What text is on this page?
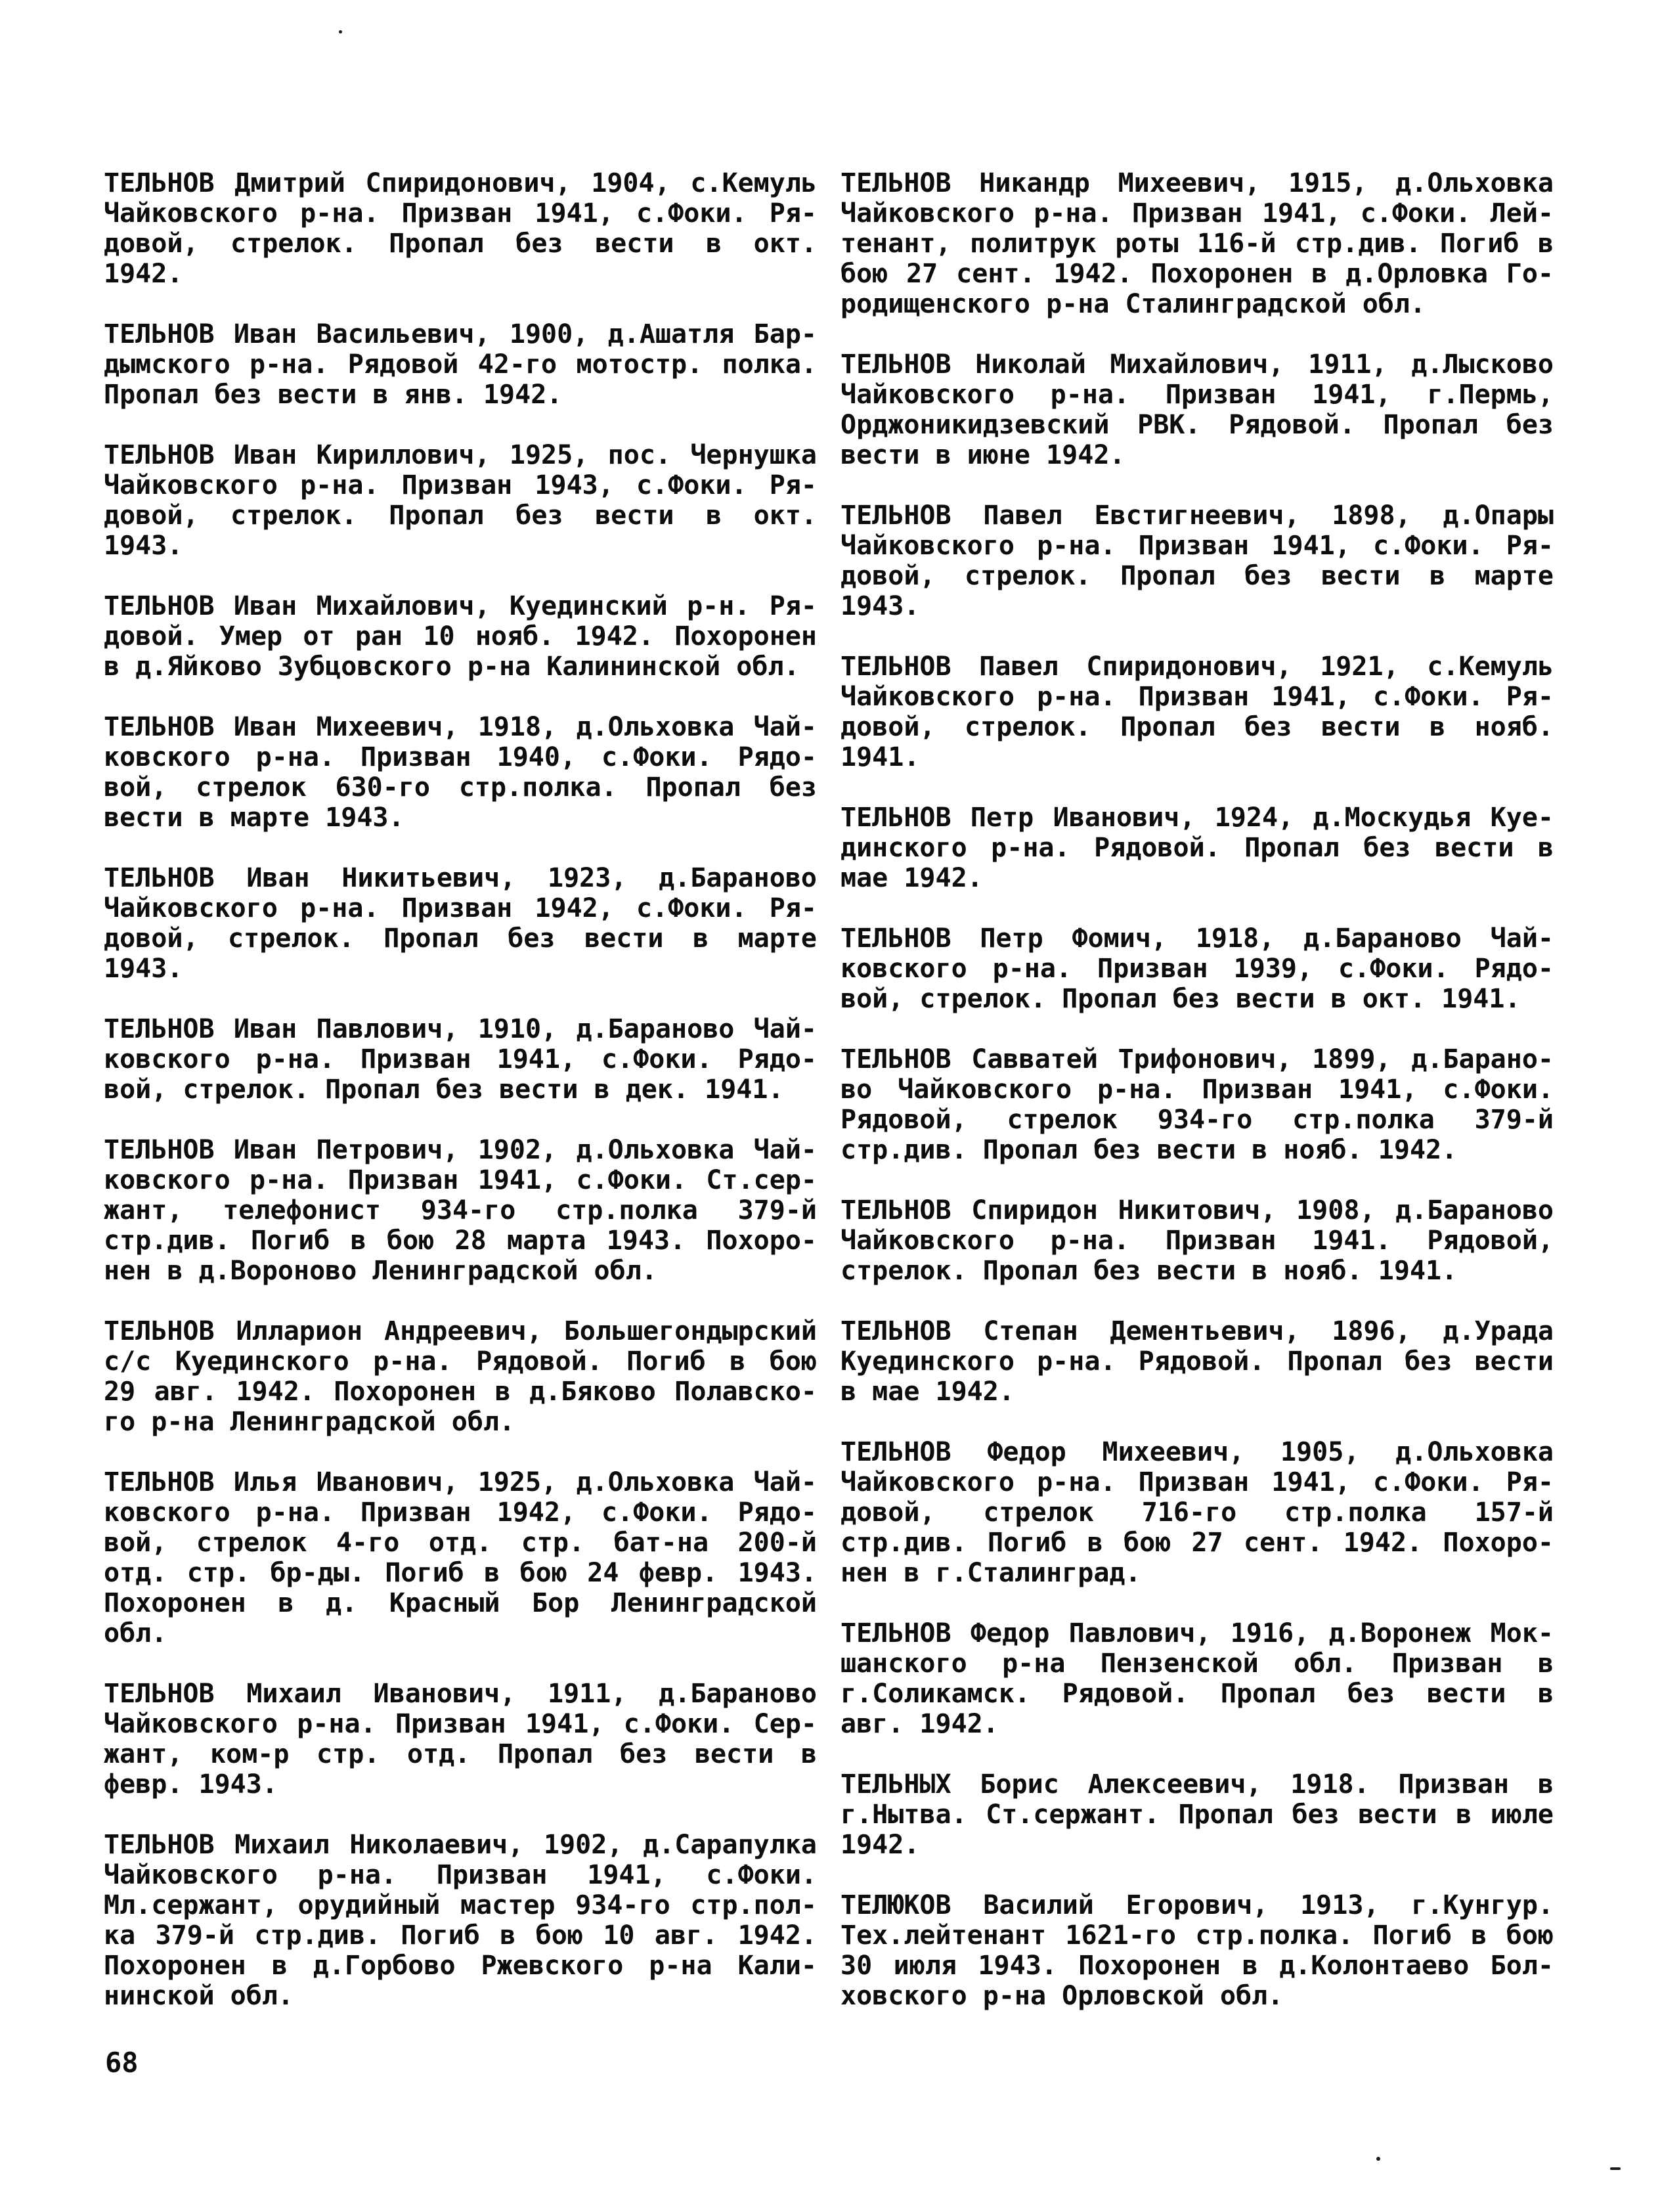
ТЕЛЬНОВ Дмитрий Спиридонович, 1904, с.Кемуль
Чайковского р-на. Призван 1941, с.Фоки. Ря-
довой, стрелок. Пропал без вести в окт.
1942.
ТЕЛЬНОВ Иван Васильевич, 1900, д.Ашатля Бар-
дымского р-на. Рядовой 42-го мотостр. полка.
Пропал без вести в янв. 1942.
ТЕЛЬНОВ Иван Кириллович, 1925, пос. Чернушка
Чайковского р-на. Призван 1943, с.Фоки. Ря-
довой, стрелок. Пропал без вести в окт.
1943.
ТЕЛЬНОВ Иван Михайлович, Куединский р-н. Ря-
довой. Умер от ран 10 нояб. 1942. Похоронен
в д.Яйково Зубцовского р-на Калининской обл.
ТЕЛЬНОВ Иван Михеевич, 1918, д.Ольховка Чай-
ковского р-на. Призван 1940, с.Фоки. Рядо-
вой, стрелок 630-го стр.полка. Пропал без
вести в марте 1943.
ТЕЛЬНОВ Иван Никитьевич, 1923, д.Бараново
Чайковского р-на. Призван 1942, с.Фоки. Ря-
довой, стрелок. Пропал без вести в марте
1943.
ТЕЛЬНОВ Иван Павлович, 1910, д.Бараново Чай-
ковского р-на. Призван 1941, с.Фоки. Рядо-
вой, стрелок. Пропал без вести в дек. 1941.
ТЕЛЬНОВ Иван Петрович, 1902, д.Ольховка Чай-
ковского р-на. Призван 1941, с.Фоки. Ст.сер-
жант, телефонист 934-го стр.полка 379-й
стр.див. Погиб в бою 28 марта 1943. Похоро-
нен в д.Вороново Ленинградской обл.
ТЕЛЬНОВ Илларион Андреевич, Большегондырский
с/с Куединского р-на. Рядовой. Погиб в бою
29 авг. 1942. Похоронен в д.Бяково Полавско-
го р-на Ленинградской обл.
ТЕЛЬНОВ Илья Иванович, 1925, д.Ольховка Чай-
ковского р-на. Призван 1942, с.Фоки. Рядо-
вой, стрелок 4-го отд. стр. бат-на 200-й
отд. стр. бр-ды. Погиб в бою 24 февр. 1943.
Похоронен в д. Красный Бор Ленинградской
обл.
ТЕЛЬНОВ Михаил Иванович, 1911, д.Бараново
Чайковского р-на. Призван 1941, с.Фоки. Сер-
жант, ком-р стр. отд. Пропал без вести в
февр. 1943.
ТЕЛЬНОВ Михаил Николаевич, 1902, д.Сарапулка
Чайковского р-на. Призван 1941, с.Фоки.
Мл.сержант, орудийный мастер 934-го стр.пол-
ка 379-й стр.див. Погиб в бою 10 авг. 1942.
Похоронен в д.Горбово Ржевского р-на Кали-
нинской обл.
ТЕЛЬНОВ Никандр Михеевич, 1915, д.Ольховка
Чайковского р-на. Призван 1941, с.Фоки. Лей-
тенант, политрук роты 116-й стр.див. Погиб в
бою 27 сент. 1942. Похоронен в д.Орловка Го-
родищенского р-на Сталинградской обл.
ТЕЛЬНОВ Николай Михайлович, 1911, д.Лысково
Чайковского р-на. Призван 1941, г.Пермь,
Орджоникидзевский РВК. Рядовой. Пропал без
вести в июне 1942.
ТЕЛЬНОВ Павел Евстигнеевич, 1898, д.Опары
Чайковского р-на. Призван 1941, с.Фоки. Ря-
довой, стрелок. Пропал без вести в марте
1943.
ТЕЛЬНОВ Павел Спиридонович, 1921, с.Кемуль
Чайковского р-на. Призван 1941, с.Фоки. Ря-
довой, стрелок. Пропал без вести в нояб.
1941.
ТЕЛЬНОВ Петр Иванович, 1924, д.Москудья Куе-
динского р-на. Рядовой. Пропал без вести в
мае 1942.
ТЕЛЬНОВ Петр Фомич, 1918, д.Бараново Чай-
ковского р-на. Призван 1939, с.Фоки. Рядо-
вой, стрелок. Пропал без вести в окт. 1941.
ТЕЛЬНОВ Савватей Трифонович, 1899, д.Барано-
во Чайковского р-на. Призван 1941, с.Фоки.
Рядовой, стрелок 934-го стр.полка 379-й
стр.див. Пропал без вести в нояб. 1942.
ТЕЛЬНОВ Спиридон Никитович, 1908, д.Бараново
Чайковского р-на. Призван 1941. Рядовой,
стрелок. Пропал без вести в нояб. 1941.
ТЕЛЬНОВ Степан Дементьевич, 1896, д.Урада
Куединского р-на. Рядовой. Пропал без вести
в мае 1942.
ТЕЛЬНОВ Федор Михеевич, 1905, д.Ольховка
Чайковского р-на. Призван 1941, с.Фоки. Ря-
довой, стрелок 716-го стр.полка 157-й
стр.див. Погиб в бою 27 сент. 1942. Похоро-
нен в г.Сталинград.
ТЕЛЬНОВ Федор Павлович, 1916, д.Воронеж Мок-
шанского р-на Пензенской обл. Призван в
г.Соликамск. Рядовой. Пропал без вести в
авг. 1942.
ТЕЛЬНЫХ Борис Алексеевич, 1918. Призван в
г.Нытва. Ст.сержант. Пропал без вести в июле
1942.
ТЕЛЮКОВ Василий Егорович, 1913, г.Кунгур.
Тех.лейтенант 1621-го стр.полка. Погиб в бою
30 июля 1943. Похоронен в д.Колонтаево Бол-
ховского р-на Орловской обл.
68
